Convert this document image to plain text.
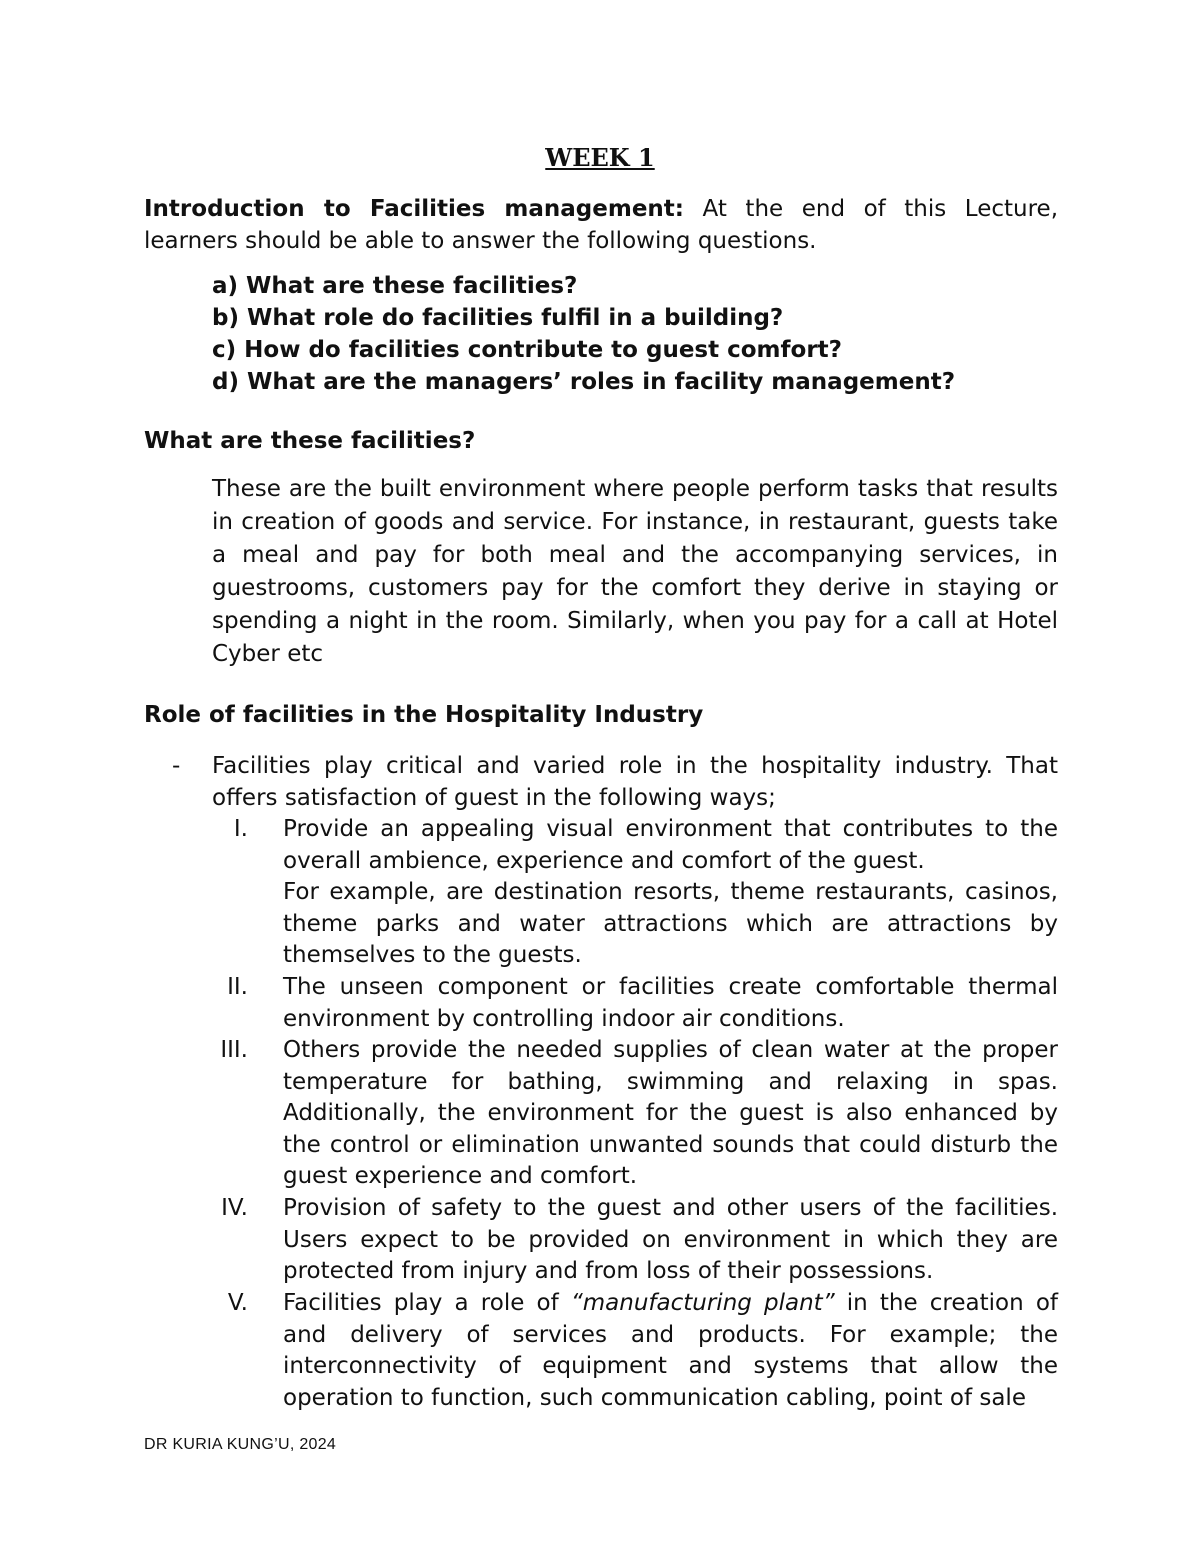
WEEK 1

Introduction to Facilities management: At the end of this Lecture, learners should be able to answer the following questions.

a) What are these facilities?
b) What role do facilities fulfil in a building?
c) How do facilities contribute to guest comfort?
d) What are the managers’ roles in facility management?
What are these facilities?

These are the built environment where people perform tasks that results in creation of goods and service. For instance, in restaurant, guests take a meal and pay for both meal and the accompanying services, in guestrooms, customers pay for the comfort they derive in staying or spending a night in the room. Similarly, when you pay for a call at Hotel Cyber etc

Role of facilities in the Hospitality Industry
- Facilities play critical and varied role in the hospitality industry. That offers satisfaction of guest in the following ways;
I. Provide an appealing visual environment that contributes to the overall ambience, experience and comfort of the guest.
For example, are destination resorts, theme restaurants, casinos, theme parks and water attractions which are attractions by themselves to the guests.
II. The unseen component or facilities create comfortable thermal environment by controlling indoor air conditions.
III. Others provide the needed supplies of clean water at the proper temperature for bathing, swimming and relaxing in spas. Additionally, the environment for the guest is also enhanced by the control or elimination unwanted sounds that could disturb the guest experience and comfort.
IV. Provision of safety to the guest and other users of the facilities. Users expect to be provided on environment in which they are protected from injury and from loss of their possessions.
V. Facilities play a role of “manufacturing plant” in the creation of and delivery of services and products. For example; the interconnectivity of equipment and systems that allow the operation to function, such communication cabling, point of sale
DR KURIA KUNG’U, 2024
